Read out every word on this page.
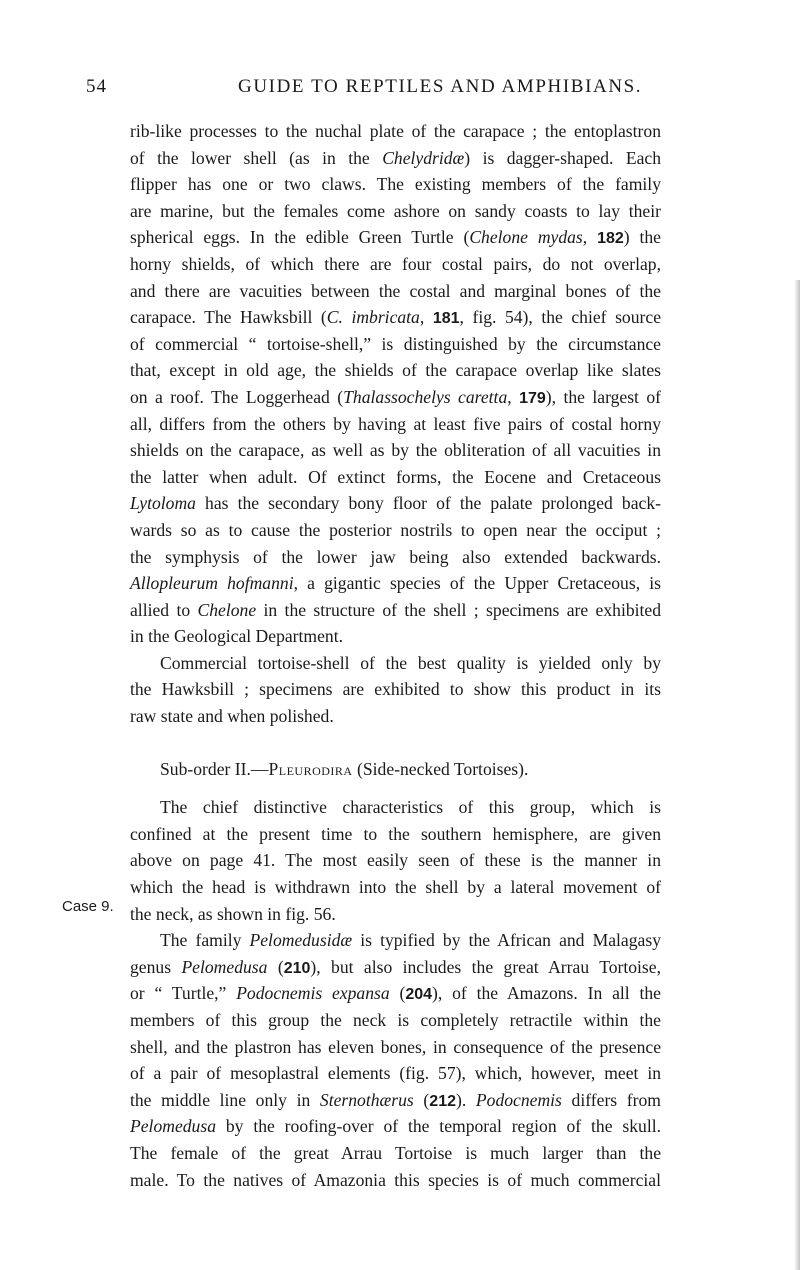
54	GUIDE TO REPTILES AND AMPHIBIANS.
Case 9.
rib-like processes to the nuchal plate of the carapace ; the entoplastron
of the lower shell (as in the Chelydridæ) is dagger-shaped. Each
flipper has one or two claws. The existing members of the family
are marine, but the females come ashore on sandy coasts to lay their
spherical eggs. In the edible Green Turtle (Chelone mydas, 182) the
horny shields, of which there are four costal pairs, do not overlap,
and there are vacuities between the costal and marginal bones of the
carapace. The Hawksbill (C. imbricata, 181, fig. 54), the chief source
of commercial “ tortoise-shell,” is distinguished by the circumstance
that, except in old age, the shields of the carapace overlap like slates
on a roof. The Loggerhead (Thalassochelys caretta, 179), the largest of
all, differs from the others by having at least five pairs of costal horny
shields on the carapace, as well as by the obliteration of all vacuities in
the latter when adult. Of extinct forms, the Eocene and Cretaceous
Lytoloma has the secondary bony floor of the palate prolonged back-
wards so as to cause the posterior nostrils to open near the occiput ;
the symphysis of the lower jaw being also extended backwards.
Allopleurum hofmanni, a gigantic species of the Upper Cretaceous, is
allied to Chelone in the structure of the shell ; specimens are exhibited
in the Geological Department.
Commercial tortoise-shell of the best quality is yielded only by
the Hawksbill ; specimens are exhibited to show this product in its
raw state and when polished.
Sub-order II.—Pleurodira (Side-necked Tortoises).
The chief distinctive characteristics of this group, which is
confined at the present time to the southern hemisphere, are given
above on page 41. The most easily seen of these is the manner in
which the head is withdrawn into the shell by a lateral movement of
the neck, as shown in fig. 56.
The family Pelomedusidæ is typified by the African and Malagasy
genus Pelomedusa (210), but also includes the great Arrau Tortoise,
or “ Turtle,” Podocnemis expansa (204), of the Amazons. In all the
members of this group the neck is completely retractile within the
shell, and the plastron has eleven bones, in consequence of the presence
of a pair of mesoplastral elements (fig. 57), which, however, meet in
the middle line only in Sternothærus (212). Podocnemis differs from
Pelomedusa by the roofing-over of the temporal region of the skull.
The female of the great Arrau Tortoise is much larger than the
male. To the natives of Amazonia this species is of much commercial
